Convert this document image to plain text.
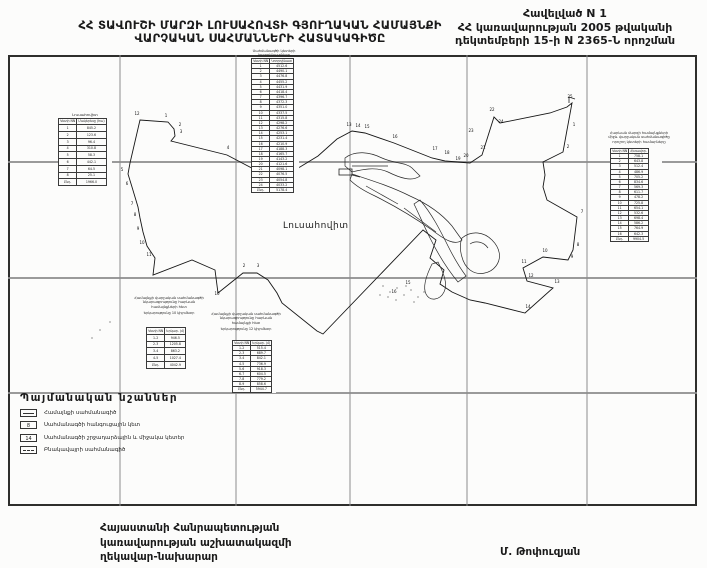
ՀՀ ՏԱՎՈՒՇԻ ՄԱՐԶԻ ԼՈՒՍԱՀՈՎՏԻ ԳՅՈՒՂԱԿԱՆ ՀԱՄԱՅՆՔԻ
ՎԱՐՉԱԿԱՆ ՍԱՀՄԱՆՆԵՐԻ ՀԱՏԱԿԱԳԻԾԸ
Հավելված N 1
ՀՀ կառավարության 2005 թվականի
դեկտեմբերի 15-ի N 2365-Ն որոշման
12	1
2
3
4
5
6
7
8
9
10
11
2	3
10
13 14 15
16
17
18
19
20
21
22
23
24
25
1
2
7
8
9
10
11
12
13
14
15
16
Լուսահովիտ
Լուսահովիտ
Կետի NN	Մակերեսը (հա)
1	845.2
2	123.6
3	96.4
4	310.8
5	58.3
6	442.1
7	64.5
8	25.1
Ընդ.	1966.0
Սահմանագծի կետերի
կոորդինատները
Կետի NN	Կոորդինատ
1	4512.6
2	4490.1
3	4476.8
4	4455.2
5	4431.9
6	4418.4
7	4396.7
8	4372.3
9	4351.0
10	4337.5
11	4315.8
12	4298.2
13	4276.6
14	4253.1
15	4231.4
16	4210.9
17	4188.3
18	4165.7
19	4143.2
20	4121.6
21	4098.1
22	4076.5
23	4054.8
24	4033.2
Ընդ.	5178.4
Հարևան մարզի համայնքների
միջև վարչական սահմանագիծը
որոշող կետերի համարները
Կետի NN	Հեռավոր.
1	758.1
2	643.8
3	512.4
4	486.9
5	705.2
6	834.6
7	569.3
8	611.7
9	478.2
10	725.8
11	654.1
12	532.6
13	698.4
14	586.2
15	764.9
16	642.3
Ընդ.	9904.5
Համայնքի վարչական սահմանագծի
նկարագրությունը հարևան
համայնքների հետ
Երկարությունը 10 կիլոմետր
Կետի NN	Երկար. (մ)
1-2	946.5
2-3	1205.8
3-4	863.2
4-5	1027.4
Ընդ.	4042.9
Համայնքի վարչական սահմանագծի
նկարագրությունը հարևան
համայնքի հետ
Երկարությունը 12 կիլոմետր
Կետի NN	Երկար. (մ)
1-2	515.4
2-3	689.7
3-4	842.1
4-5	736.9
5-6	918.3
6-7	604.5
7-8	779.2
8-9	858.6
Ընդ.	5944.7
Պայմանական նշաններ
Համայնքի սահմանագիծ
8	Սահմանագծի հանգուցային կետ
14	Սահմանագծի շրջադարձային և միջակա կետեր
Բնակավայրի սահմանագիծ
Հայաստանի Հանրապետության
կառավարության աշխատակազմի
ղեկավար-նախարար	Մ. Թոփուզյան
